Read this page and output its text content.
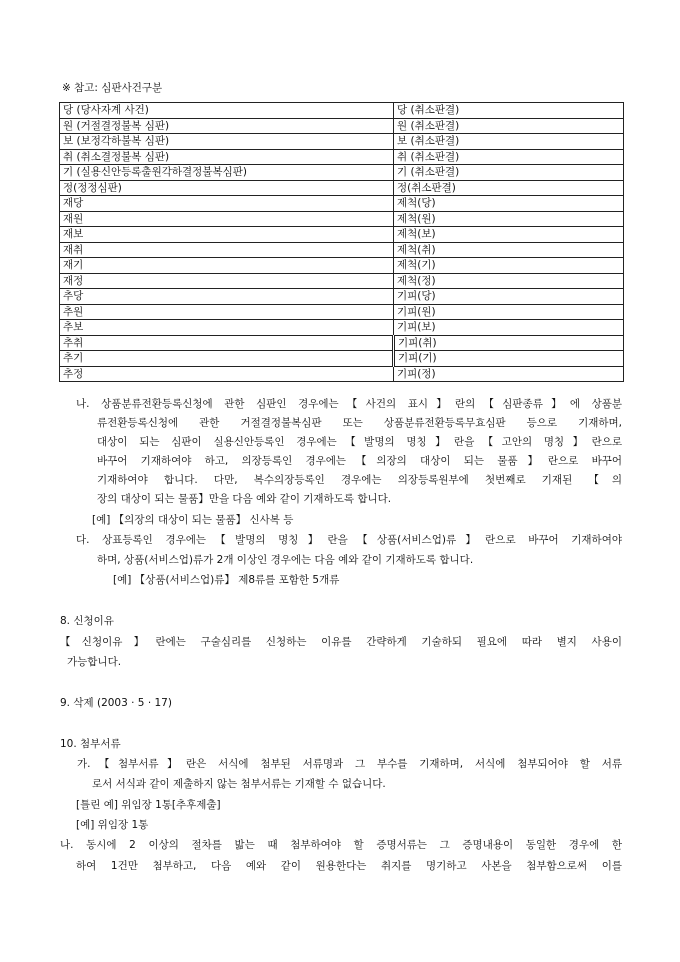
※ 참고: 심판사건구분
당 (당사자계 사건)	당 (취소판결)
원 (거절결정불복 심판)	원 (취소판결)
보 (보정각하불복 심판)	보 (취소판결)
취 (취소결정불복 심판)	취 (취소판결)
기 (실용신안등록출원각하결정불복심판)	기 (취소판결)
정(정정심판)	정(취소판결)
재당	제척(당)
재원	제척(원)
재보	제척(보)
재취	제척(취)
재기	제척(기)
재정	제척(정)
추당	기피(당)
추원	기피(원)
추보	기피(보)
추취	기피(취)
추기	기피(기)
추정	기피(정)
나. 상품분류전환등록신청에 관한 심판인 경우에는【사건의 표시】란의【심판종류】에 상품분
류전환등록신청에 관한 거절결정불복심판 또는 상품분류전환등록무효심판 등으로 기재하며,
대상이 되는 심판이 실용신안등록인 경우에는【발명의 명칭】란을【고안의 명칭】란으로
바꾸어 기재하여야 하고, 의장등록인 경우에는【의장의 대상이 되는 물품】란으로 바꾸어
기재하여야 합니다. 다만, 복수의장등록인 경우에는 의장등록원부에 첫번째로 기재된 【의
장의 대상이 되는 물품】만을 다음 예와 같이 기재하도록 합니다.
[예] 【의장의 대상이 되는 물품】 신사복 등
다. 상표등록인 경우에는【발명의 명칭】란을【상품(서비스업)류】란으로 바꾸어 기재하여야
하며, 상품(서비스업)류가 2개 이상인 경우에는 다음 예와 같이 기재하도록 합니다.
[예] 【상품(서비스업)류】 제8류를 포함한 5개류
8. 신청이유
【신청이유】란에는 구술심리를 신청하는 이유를 간략하게 기술하되 필요에 따라 별지 사용이
가능합니다.
9. 삭제 (2003 · 5 · 17)
10. 첨부서류
가.【첨부서류】란은 서식에 첨부된 서류명과 그 부수를 기재하며, 서식에 첨부되어야 할 서류
로서 서식과 같이 제출하지 않는 첨부서류는 기재할 수 없습니다.
[틀린 예] 위임장 1통[추후제출]
[예] 위임장 1통
나. 동시에 2 이상의 절차를 밟는 때 첨부하여야 할 증명서류는 그 증명내용이 동일한 경우에 한
하여 1건만 첨부하고, 다음 예와 같이 원용한다는 취지를 명기하고 사본을 첨부함으로써 이를
